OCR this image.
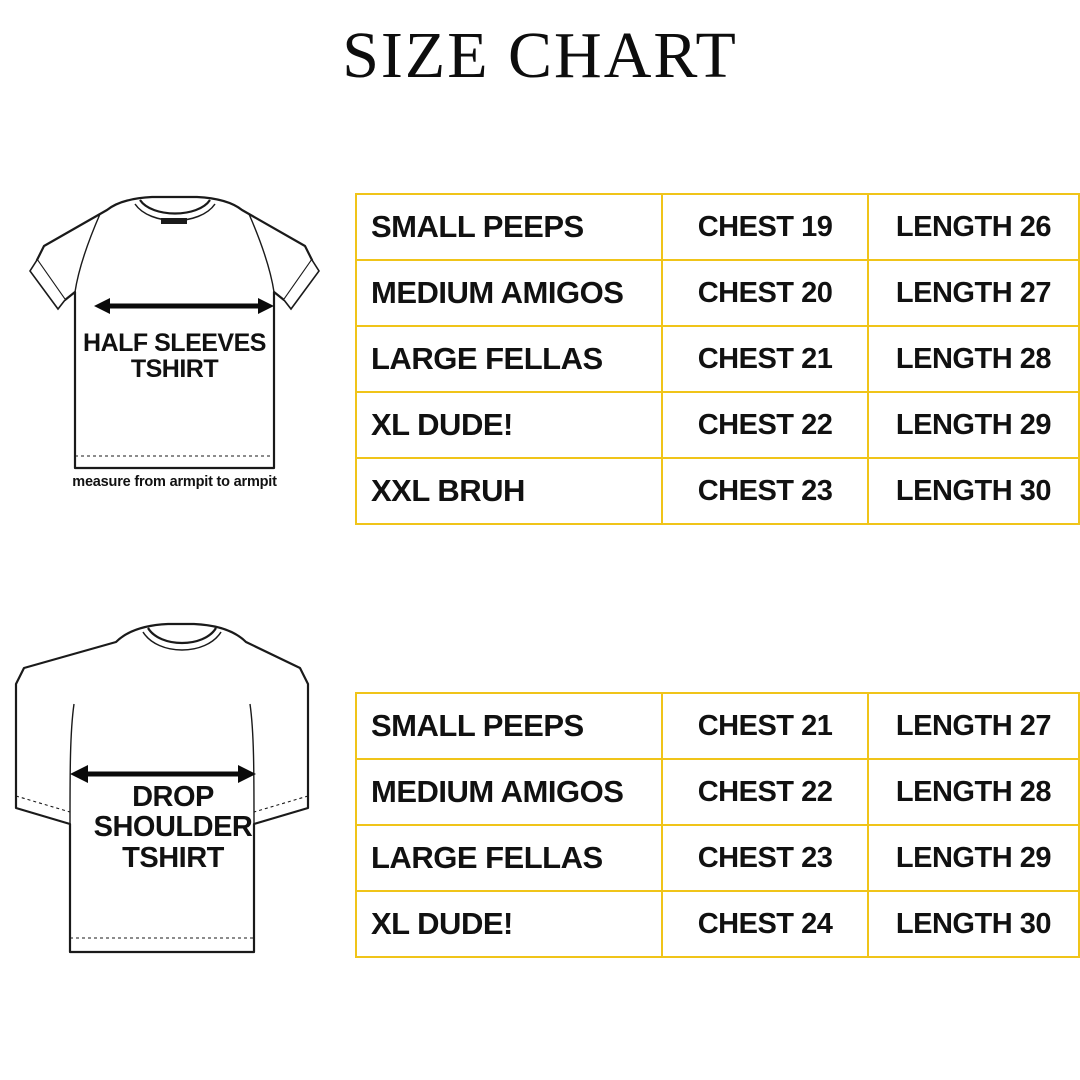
SIZE CHART
HALF SLEEVES
TSHIRT
measure from armpit to armpit
DROP
SHOULDER
TSHIRT
SMALL PEEPS	CHEST 19	LENGTH 26
MEDIUM AMIGOS	CHEST 20	LENGTH 27
LARGE FELLAS	CHEST 21	LENGTH 28
XL DUDE!	CHEST 22	LENGTH 29
XXL BRUH	CHEST 23	LENGTH 30
SMALL PEEPS	CHEST 21	LENGTH 27
MEDIUM AMIGOS	CHEST 22	LENGTH 28
LARGE FELLAS	CHEST 23	LENGTH 29
XL DUDE!	CHEST 24	LENGTH 30
